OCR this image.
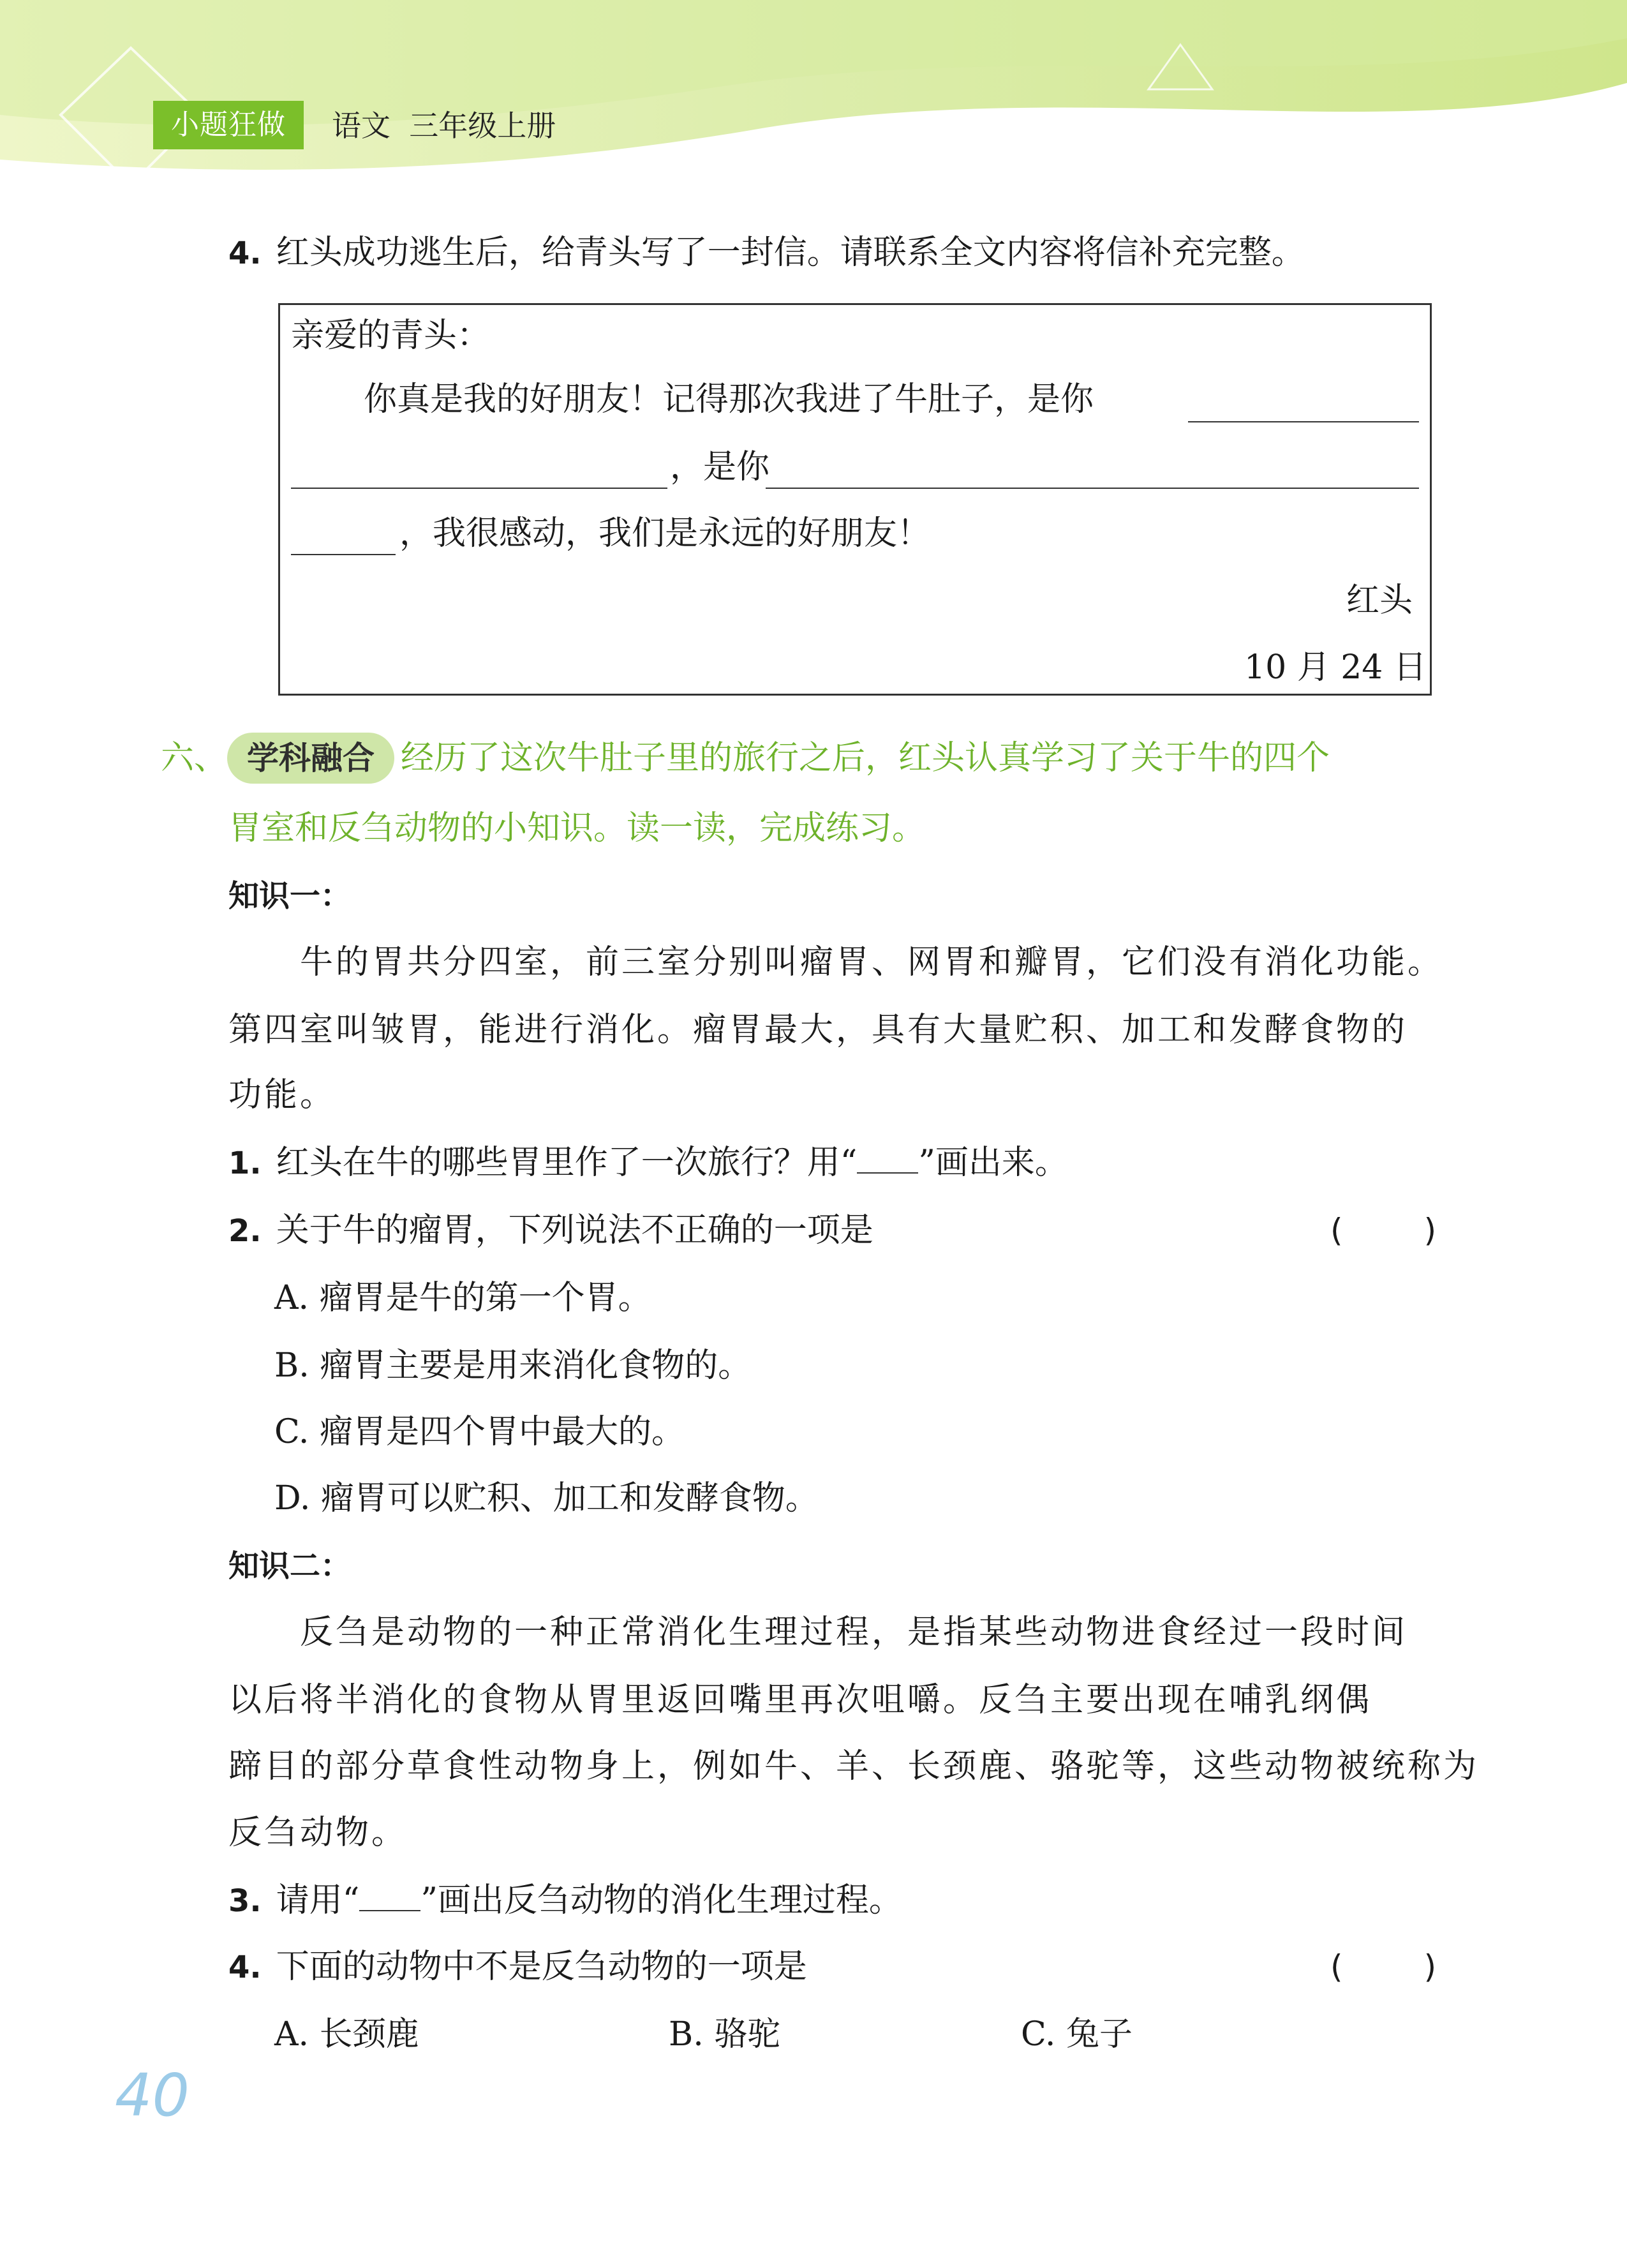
小题狂做	语文  三年级上册
4. 红头成功逃生后，给青头写了一封信。请联系全文内容将信补充完整。
亲爱的青头：
你真是我的好朋友！记得那次我进了牛肚子，是你
，是你
，我很感动，我们是永远的好朋友！
红头
10 月 24 日
六、 学科融合 经历了这次牛肚子里的旅行之后，红头认真学习了关于牛的四个
胃室和反刍动物的小知识。读一读，完成练习。
知识一：
牛的胃共分四室，前三室分别叫瘤胃、网胃和瓣胃，它们没有消化功能。
第四室叫皱胃，能进行消化。瘤胃最大，具有大量贮积、加工和发酵食物的
功能。
1. 红头在牛的哪些胃里作了一次旅行？用“ ”画出来。
2. 关于牛的瘤胃，下列说法不正确的一项是	(        )
A. 瘤胃是牛的第一个胃。
B. 瘤胃主要是用来消化食物的。
C. 瘤胃是四个胃中最大的。
D. 瘤胃可以贮积、加工和发酵食物。
知识二：
反刍是动物的一种正常消化生理过程，是指某些动物进食经过一段时间
以后将半消化的食物从胃里返回嘴里再次咀嚼。反刍主要出现在哺乳纲偶
蹄目的部分草食性动物身上，例如牛、羊、长颈鹿、骆驼等，这些动物被统称为
反刍动物。
3. 请用“ ”画出反刍动物的消化生理过程。
4. 下面的动物中不是反刍动物的一项是	(        )
A. 长颈鹿	B. 骆驼	C. 兔子
40
